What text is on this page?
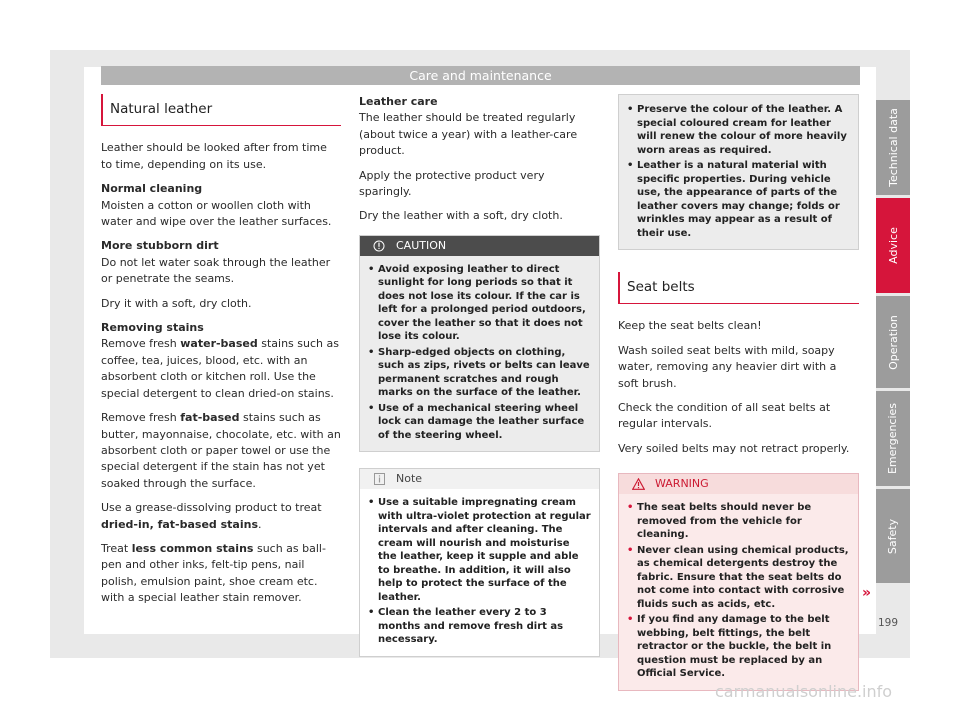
Care and maintenance
Natural leather

Leather should be looked after from time to time, depending on its use.

Normal cleaning

Moisten a cotton or woollen cloth with water and wipe over the leather surfaces.

More stubborn dirt

Do not let water soak through the leather or penetrate the seams.

Dry it with a soft, dry cloth.

Removing stains

Remove fresh water-based stains such as coffee, tea, juices, blood, etc. with an absorbent cloth or kitchen roll. Use the special detergent to clean dried-on stains.

Remove fresh fat-based stains such as butter, mayonnaise, chocolate, etc. with an absorbent cloth or paper towel or use the special detergent if the stain has not yet soaked through the surface.

Use a grease-dissolving product to treat dried-in, fat-based stains.

Treat less common stains such as ball-pen and other inks, felt-tip pens, nail polish, emulsion paint, shoe cream etc. with a special leather stain remover.

Leather care

The leather should be treated regularly (about twice a year) with a leather-care product.

Apply the protective product very sparingly.

Dry the leather with a soft, dry cloth.

CAUTION
• Avoid exposing leather to direct sunlight for long periods so that it does not lose its colour. If the car is left for a prolonged period outdoors, cover the leather so that it does not lose its colour.
• Sharp-edged objects on clothing, such as zips, rivets or belts can leave permanent scratches and rough marks on the surface of the leather.
• Use of a mechanical steering wheel lock can damage the leather surface of the steering wheel.
Note
• Use a suitable impregnating cream with ultra-violet protection at regular intervals and after cleaning. The cream will nourish and moisturise the leather, keep it supple and able to breathe. In addition, it will also help to protect the surface of the leather.
• Clean the leather every 2 to 3 months and remove fresh dirt as necessary.
• Preserve the colour of the leather. A special coloured cream for leather will renew the colour of more heavily worn areas as required.
• Leather is a natural material with specific properties. During vehicle use, the appearance of parts of the leather covers may change; folds or wrinkles may appear as a result of their use.
Seat belts

Keep the seat belts clean!

Wash soiled seat belts with mild, soapy water, removing any heavier dirt with a soft brush.

Check the condition of all seat belts at regular intervals.

Very soiled belts may not retract properly.

WARNING
• The seat belts should never be removed from the vehicle for cleaning.
• Never clean using chemical products, as chemical detergents destroy the fabric. Ensure that the seat belts do not come into contact with corrosive fluids such as acids, etc.
• If you find any damage to the belt webbing, belt fittings, the belt retractor or the buckle, the belt in question must be replaced by an Official Service.
»
Technical data
Advice
Operation
Emergencies
Safety
199
carmanualsonline.info
